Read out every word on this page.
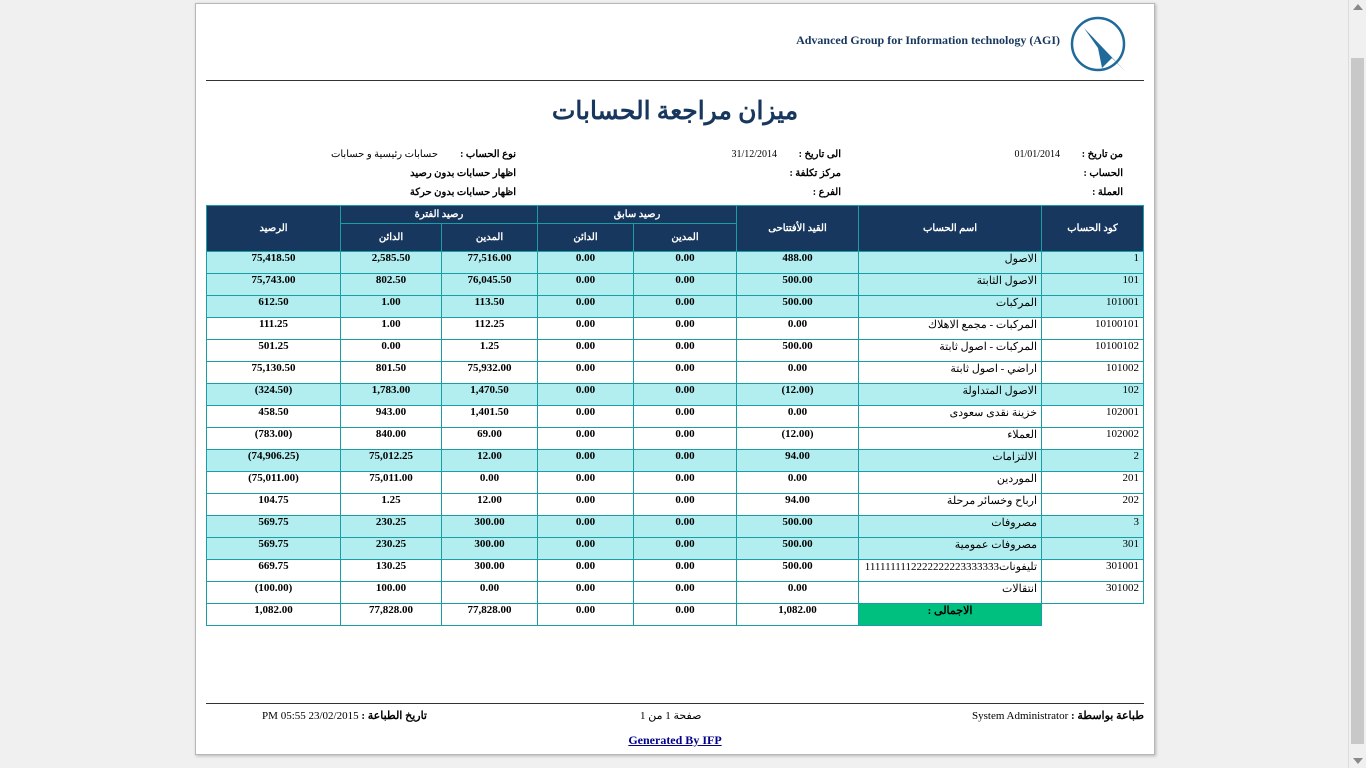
Advanced Group for Information technology (AGI)
ميزان مراجعة الحسابات
من تاريخ :
01/01/2014
الى تاريخ :
31/12/2014
نوع الحساب :
حسابات رئيسية و حسابات
الحساب :
مركز تكلفة :
اظهار حسابات بدون رصيد
العملة :
الفرع :
اظهار حسابات بدون حركة
كود الحساب	اسم الحساب	القيد الأفتتاحى	رصيد سابق		رصيد الفترة		الرصيد
			المدين	الدائن	المدين	الدائن	
1	الاصول	488.00	0.00	0.00	77,516.00	2,585.50	75,418.50
101	الاصول الثابتة	500.00	0.00	0.00	76,045.50	802.50	75,743.00
101001	المركبات	500.00	0.00	0.00	113.50	1.00	612.50
10100101	المركبات - مجمع الاهلاك	0.00	0.00	0.00	112.25	1.00	111.25
10100102	المركبات - اصول ثابتة	500.00	0.00	0.00	1.25	0.00	501.25
101002	اراضي - اصول ثابتة	0.00	0.00	0.00	75,932.00	801.50	75,130.50
102	الاصول المتداولة	(12.00)	0.00	0.00	1,470.50	1,783.00	(324.50)
102001	خزينة نقدى سعودى	0.00	0.00	0.00	1,401.50	943.00	458.50
102002	العملاء	(12.00)	0.00	0.00	69.00	840.00	(783.00)
2	الالتزامات	94.00	0.00	0.00	12.00	75,012.25	(74,906.25)
201	الموردين	0.00	0.00	0.00	0.00	75,011.00	(75,011.00)
202	ارباح وخسائر مرحلة	94.00	0.00	0.00	12.00	1.25	104.75
3	مصروفات	500.00	0.00	0.00	300.00	230.25	569.75
301	مصروفات عمومية	500.00	0.00	0.00	300.00	230.25	569.75
301001	تليفونات1111111112222222223333333	500.00	0.00	0.00	300.00	130.25	669.75
301002	انتقالات	0.00	0.00	0.00	0.00	100.00	(100.00)
	الاجمالى :	1,082.00	0.00	0.00	77,828.00	77,828.00	1,082.00
طباعة بواسطة : System Administrator
صفحة 1 من 1
تاريخ الطباعة : 23/02/2015 05:55 PM
Generated By IFP
